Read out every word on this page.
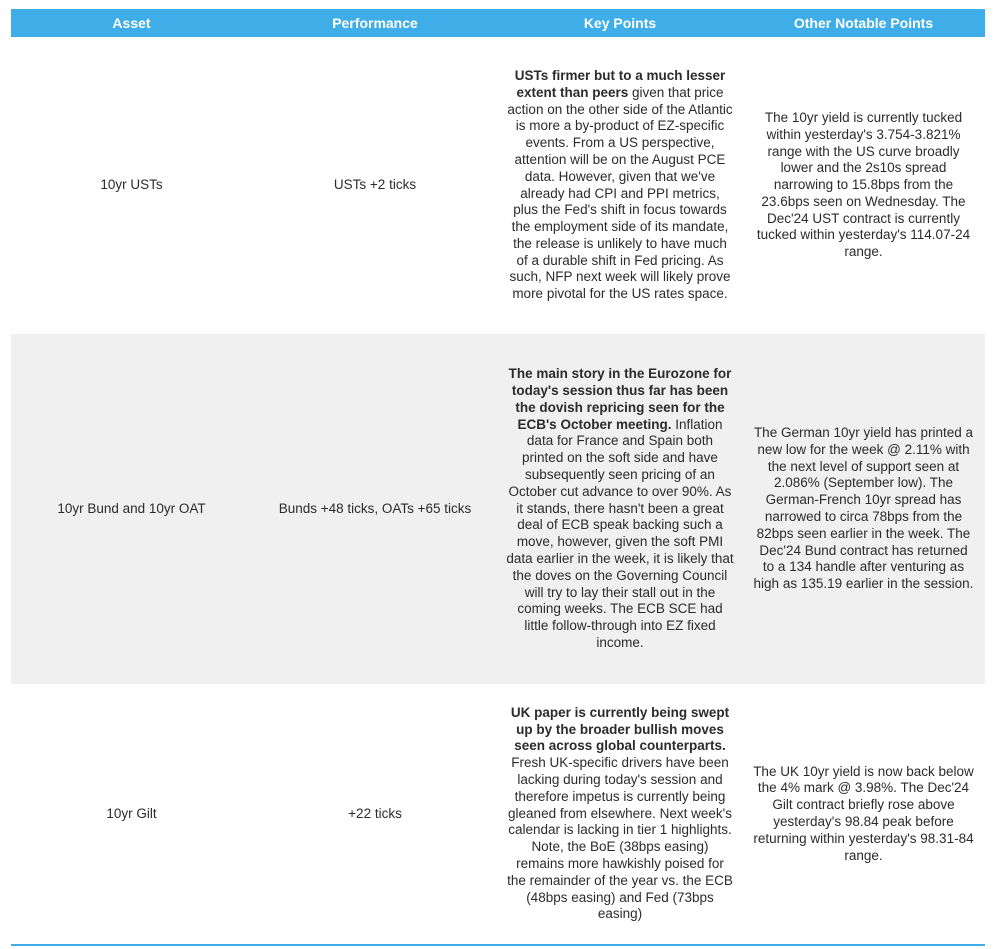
Asset	Performance	Key Points	Other Notable Points
10yr USTs	USTs +2 ticks
USTs firmer but to a much lesser extent than peers given that price action on the other side of the Atlantic is more a by-product of EZ-specific events. From a US perspective, attention will be on the August PCE data. However, given that we've already had CPI and PPI metrics, plus the Fed's shift in focus towards the employment side of its mandate, the release is unlikely to have much of a durable shift in Fed pricing. As such, NFP next week will likely prove more pivotal for the US rates space.
The 10yr yield is currently tucked within yesterday's 3.754-3.821% range with the US curve broadly lower and the 2s10s spread narrowing to 15.8bps from the 23.6bps seen on Wednesday. The Dec'24 UST contract is currently tucked within yesterday's 114.07-24 range.
10yr Bund and 10yr OAT	Bunds +48 ticks, OATs +65 ticks
The main story in the Eurozone for today's session thus far has been the dovish repricing seen for the ECB's October meeting. Inflation data for France and Spain both printed on the soft side and have subsequently seen pricing of an October cut advance to over 90%. As it stands, there hasn't been a great deal of ECB speak backing such a move, however, given the soft PMI data earlier in the week, it is likely that the doves on the Governing Council will try to lay their stall out in the coming weeks. The ECB SCE had little follow-through into EZ fixed income.
The German 10yr yield has printed a new low for the week @ 2.11% with the next level of support seen at 2.086% (September low). The German-French 10yr spread has narrowed to circa 78bps from the 82bps seen earlier in the week. The Dec'24 Bund contract has returned to a 134 handle after venturing as high as 135.19 earlier in the session.
10yr Gilt	+22 ticks
UK paper is currently being swept up by the broader bullish moves seen across global counterparts. Fresh UK-specific drivers have been lacking during today's session and therefore impetus is currently being gleaned from elsewhere. Next week's calendar is lacking in tier 1 highlights. Note, the BoE (38bps easing) remains more hawkishly poised for the remainder of the year vs. the ECB (48bps easing) and Fed (73bps easing)
The UK 10yr yield is now back below the 4% mark @ 3.98%. The Dec'24 Gilt contract briefly rose above yesterday's 98.84 peak before returning within yesterday's 98.31-84 range.
